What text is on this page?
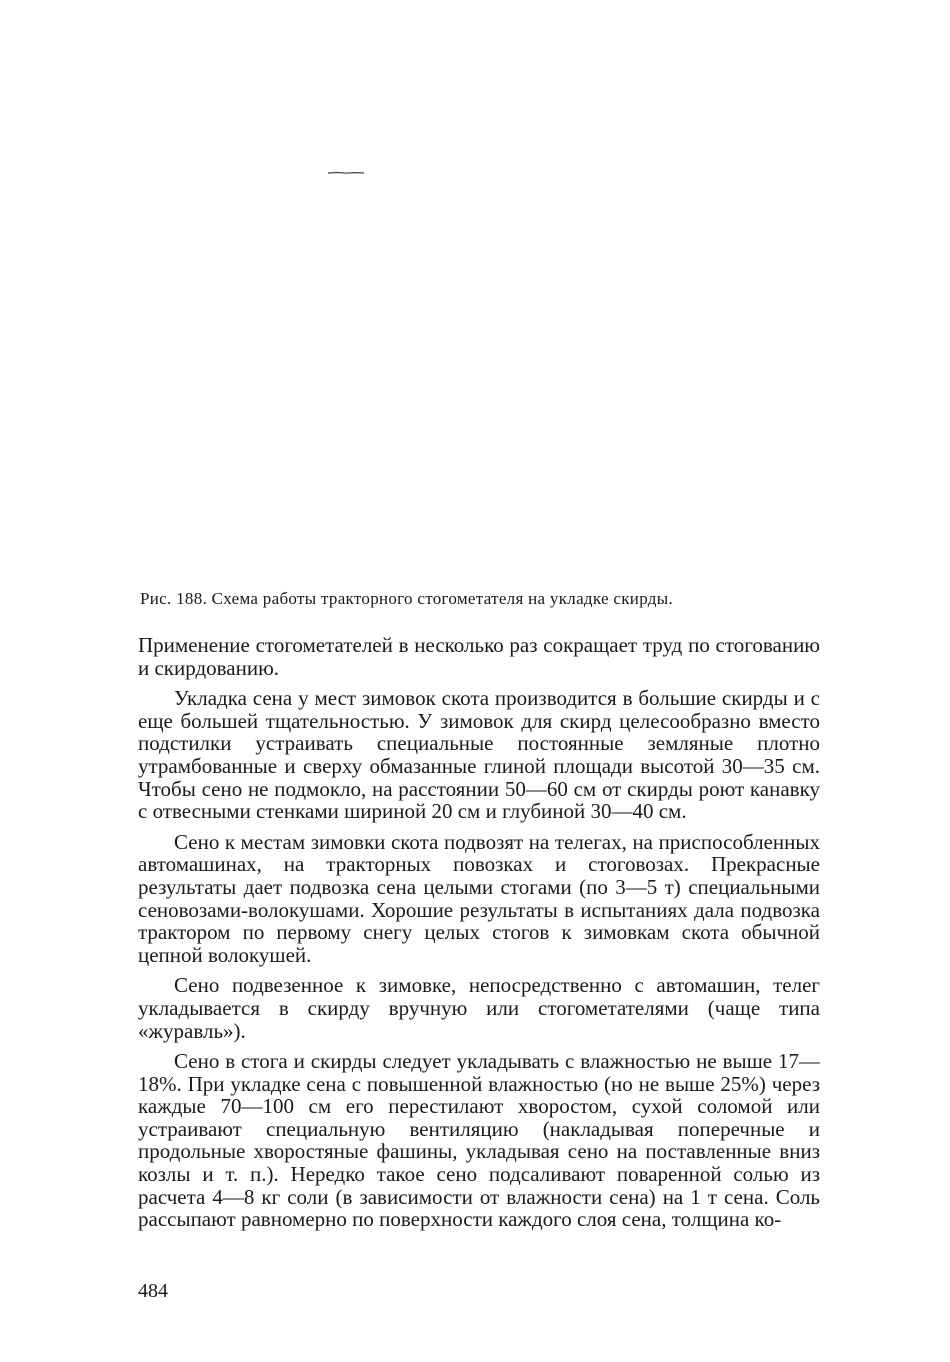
Рис. 188. Схема работы тракторного стогометателя на укладке скирды.

Применение стогометателей в несколько раз сокращает труд по стогованию и скирдованию.

Укладка сена у мест зимовок скота производится в большие скирды и с еще большей тщательностью. У зимовок для скирд целесообразно вместо подстилки устраивать специальные постоянные земляные плотно утрамбованные и сверху обмазанные глиной площади высотой 30—35 см. Чтобы сено не подмокло, на расстоянии 50—60 см от скирды роют канавку с отвесными стенками шириной 20 см и глубиной 30—40 см.

Сено к местам зимовки скота подвозят на телегах, на приспособленных автомашинах, на тракторных повозках и стоговозах. Прекрасные результаты дает подвозка сена целыми стогами (по 3—5 т) специальными сеновозами-волокушами. Хорошие результаты в испытаниях дала подвозка трактором по первому снегу целых стогов к зимовкам скота обычной цепной волокушей.

Сено подвезенное к зимовке, непосредственно с автомашин, телег укладывается в скирду вручную или стогометателями (чаще типа «журавль»).

Сено в стога и скирды следует укладывать с влажностью не выше 17—18%. При укладке сена с повышенной влажностью (но не выше 25%) через каждые 70—100 см его перестилают хворостом, сухой соломой или устраивают специальную вентиляцию (накладывая поперечные и продольные хворостяные фашины, укладывая сено на поставленные вниз козлы и т. п.). Нередко такое сено подсаливают поваренной солью из расчета 4—8 кг соли (в зависимости от влажности сена) на 1 т сена. Соль рассыпают равномерно по поверхности каждого слоя сена, толщина ко-

484
